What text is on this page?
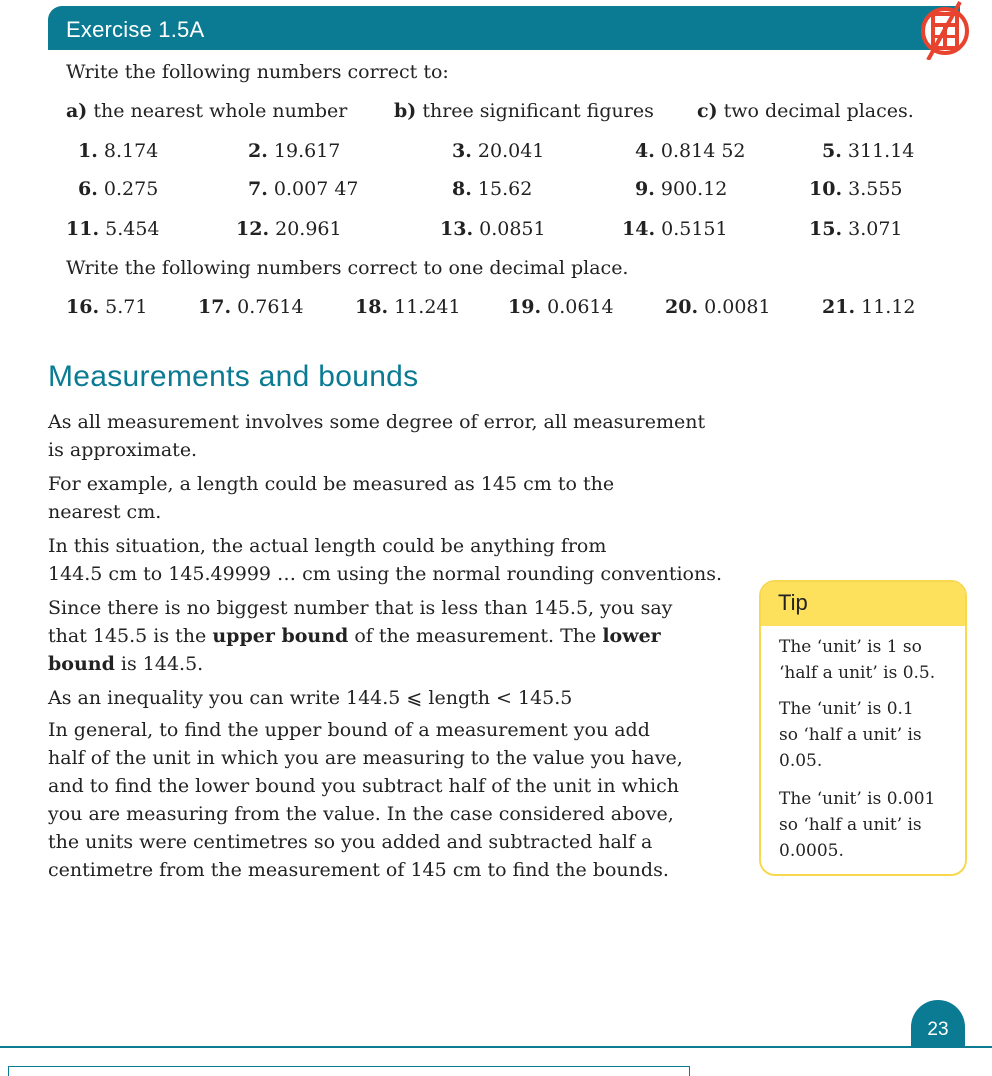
Exercise 1.5A
Write the following numbers correct to:
a) the nearest whole number b) three significant figures c) two decimal places.
1. 8.174	2. 19.617	3. 20.041	4. 0.814 52	5. 311.14
6. 0.275	7. 0.007 47	8. 15.62	9. 900.12	10. 3.555
11. 5.454	12. 20.961	13. 0.0851	14. 0.5151	15. 3.071
Write the following numbers correct to one decimal place.
16. 5.71	17. 0.7614	18. 11.241 19. 0.0614	20. 0.0081	21. 11.12
Measurements and bounds
As all measurement involves some degree of error, all measurement
is approximate.
For example, a length could be measured as 145 cm to the
nearest cm.
In this situation, the actual length could be anything from
144.5 cm to 145.49999 … cm using the normal rounding conventions.
Since there is no biggest number that is less than 145.5, you say
that 145.5 is the upper bound of the measurement. The lower
bound is 144.5.
As an inequality you can write 144.5 ⩽ length < 145.5
In general, to find the upper bound of a measurement you add
half of the unit in which you are measuring to the value you have,
and to find the lower bound you subtract half of the unit in which
you are measuring from the value. In the case considered above,
the units were centimetres so you added and subtracted half a
centimetre from the measurement of 145 cm to find the bounds.
Tip
The ‘unit’ is 1 so
‘half a unit’ is 0.5.
The ‘unit’ is 0.1
so ‘half a unit’ is
0.05.
The ‘unit’ is 0.001
so ‘half a unit’ is
0.0005.
23
